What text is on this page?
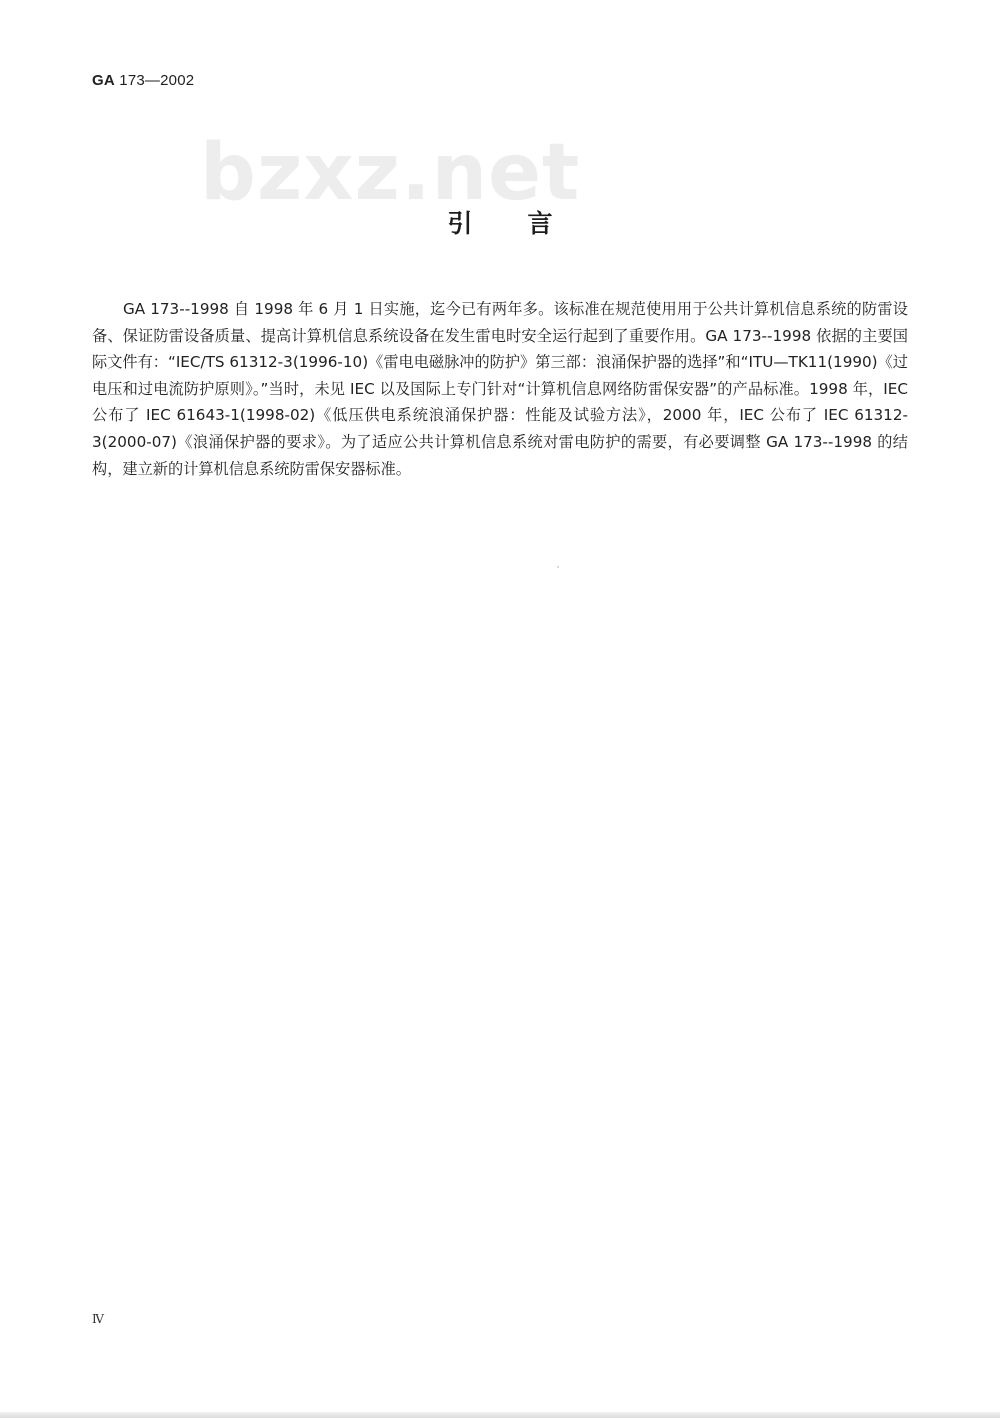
GA 173—2002
bzxz.net
引言

GA 173--1998 自 1998 年 6 月 1 日实施，迄今已有两年多。该标准在规范使用用于公共计算机信息系统的防雷设备、保证防雷设备质量、提高计算机信息系统设备在发生雷电时安全运行起到了重要作用。GA 173--1998 依据的主要国际文件有：“IEC/TS 61312-3(1996-10)《雷电电磁脉冲的防护》第三部：浪涌保护器的选择”和“ITU—TK11(1990)《过电压和过电流防护原则》。”当时，未见 IEC 以及国际上专门针对“计算机信息网络防雷保安器”的产品标准。1998 年，IEC 公布了 IEC 61643-1(1998-02)《低压供电系统浪涌保护器：性能及试验方法》，2000 年，IEC 公布了 IEC 61312-3(2000-07)《浪涌保护器的要求》。为了适应公共计算机信息系统对雷电防护的需要，有必要调整 GA 173--1998 的结构，建立新的计算机信息系统防雷保安器标准。

Ⅳ
